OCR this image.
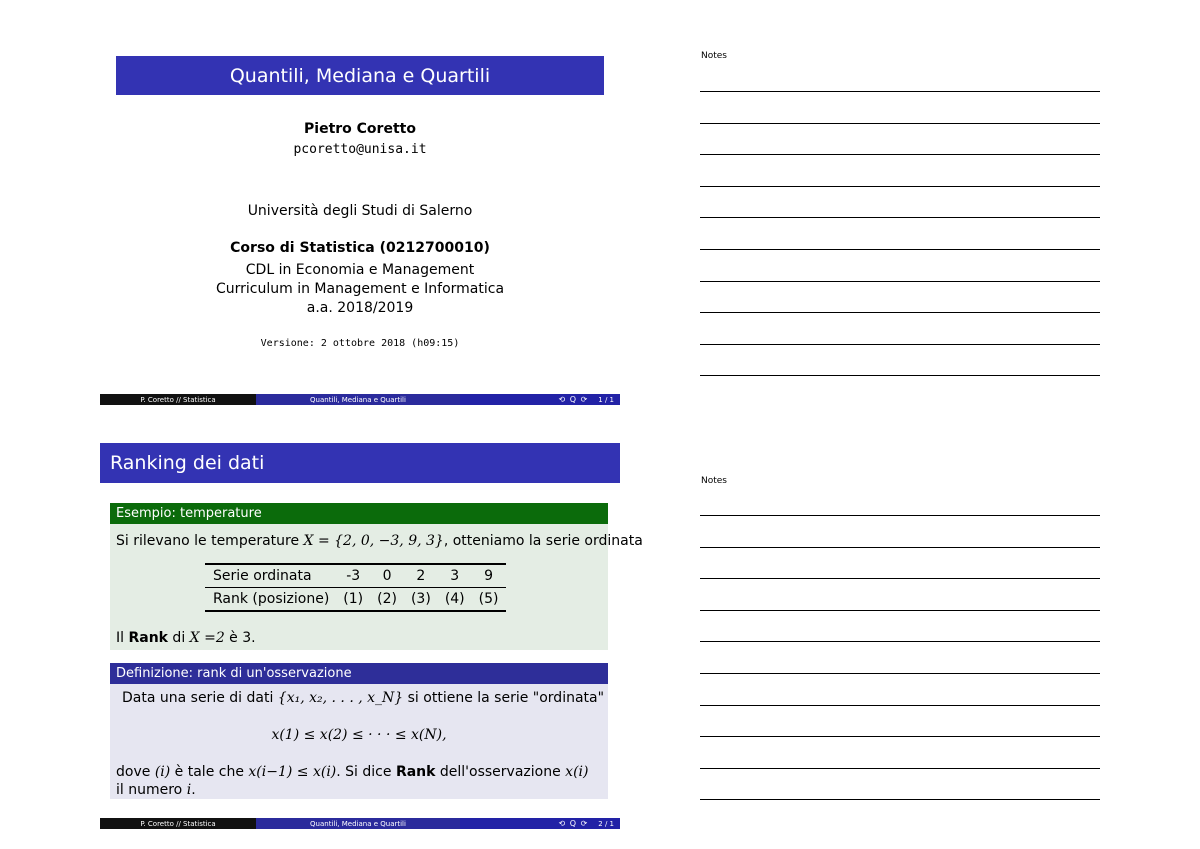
Quantili, Mediana e Quartili
Pietro Coretto
pcoretto@unisa.it
Università degli Studi di Salerno
Corso di Statistica (0212700010)
CDL in Economia e Management
Curriculum in Management e Informatica
a.a. 2018/2019
Versione: 2 ottobre 2018 (h09:15)
P. Coretto // Statistica	Quantili, Mediana e Quartili	⟲ Q ⟳ 1 / 1
Ranking dei dati
Esempio: temperature
Si rilevano le temperature X = {2, 0, −3, 9, 3}, otteniamo la serie ordinata
Serie ordinata	-3	0	2	3	9
Rank (posizione)	(1)	(2)	(3)	(4)	(5)
Il Rank di X =2 è 3.
Definizione: rank di un'osservazione
Data una serie di dati {x₁, x₂, . . . , x_N} si ottiene la serie "ordinata"
x(1) ≤ x(2) ≤ · · · ≤ x(N),
dove (i) è tale che x(i−1) ≤ x(i). Si dice Rank dell'osservazione x(i) il numero i.
P. Coretto // Statistica	Quantili, Mediana e Quartili	⟲ Q ⟳ 2 / 1
Notes
Notes
